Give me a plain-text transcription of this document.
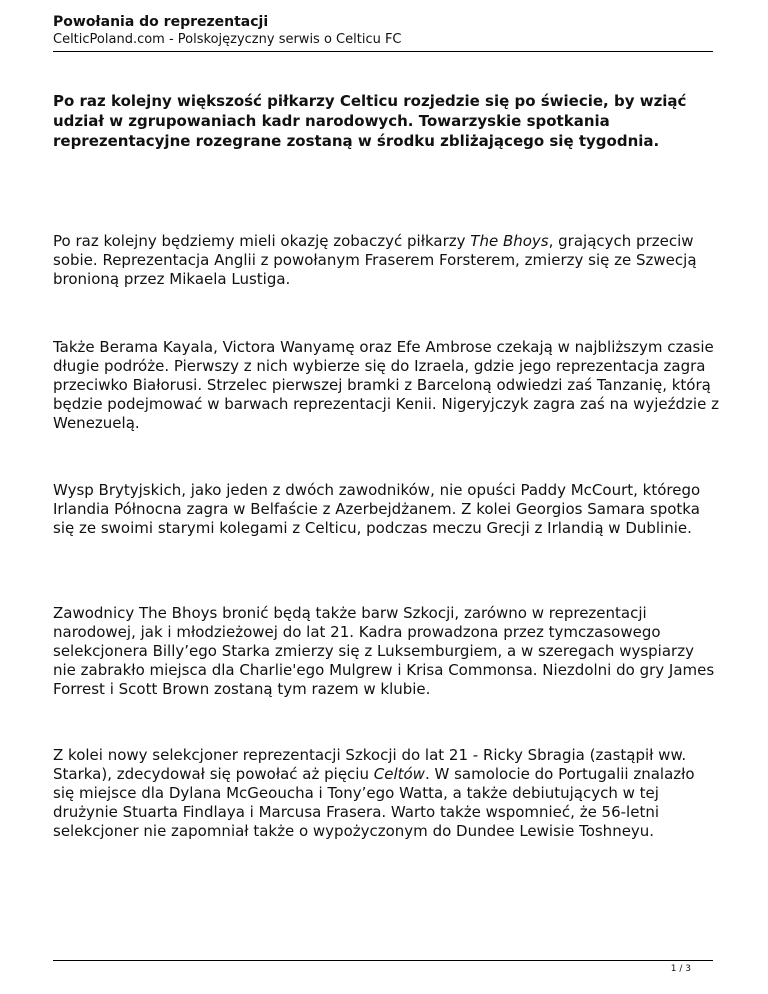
Powołania do reprezentacji

CelticPoland.com - Polskojęzyczny serwis o Celticu FC

Po raz kolejny większość piłkarzy Celticu rozjedzie się po świecie, by wziąć udział w zgrupowaniach kadr narodowych. Towarzyskie spotkania reprezentacyjne rozegrane zostaną w środku zbliżającego się tygodnia.

Po raz kolejny będziemy mieli okazję zobaczyć piłkarzy The Bhoys, grających przeciw sobie. Reprezentacja Anglii z powołanym Fraserem Forsterem, zmierzy się ze Szwecją bronioną przez Mikaela Lustiga.

Także Berama Kayala, Victora Wanyamę oraz Efe Ambrose czekają w najbliższym czasie długie podróże. Pierwszy z nich wybierze się do Izraela, gdzie jego reprezentacja zagra przeciwko Białorusi. Strzelec pierwszej bramki z Barceloną odwiedzi zaś Tanzanię, którą będzie podejmować w barwach reprezentacji Kenii. Nigeryjczyk zagra zaś na wyjeździe z Wenezuelą.

Wysp Brytyjskich, jako jeden z dwóch zawodników, nie opuści Paddy McCourt, którego Irlandia Północna zagra w Belfaście z Azerbejdżanem. Z kolei Georgios Samara spotka się ze swoimi starymi kolegami z Celticu, podczas meczu Grecji z Irlandią w Dublinie.

Zawodnicy The Bhoys bronić będą także barw Szkocji, zarówno w reprezentacji narodowej, jak i młodzieżowej do lat 21. Kadra prowadzona przez tymczasowego selekcjonera Billy’ego Starka zmierzy się z Luksemburgiem, a w szeregach wyspiarzy nie zabrakło miejsca dla Charlie'ego Mulgrew i Krisa Commonsa. Niezdolni do gry James Forrest i Scott Brown zostaną tym razem w klubie.

Z kolei nowy selekcjoner reprezentacji Szkocji do lat 21 - Ricky Sbragia (zastąpił ww. Starka), zdecydował się powołać aż pięciu Celtów. W samolocie do Portugalii znalazło się miejsce dla Dylana McGeoucha i Tony’ego Watta, a także debiutujących w tej drużynie Stuarta Findlaya i Marcusa Frasera. Warto także wspomnieć, że 56-letni selekcjoner nie zapomniał także o wypożyczonym do Dundee Lewisie Toshneyu.

1 / 3
